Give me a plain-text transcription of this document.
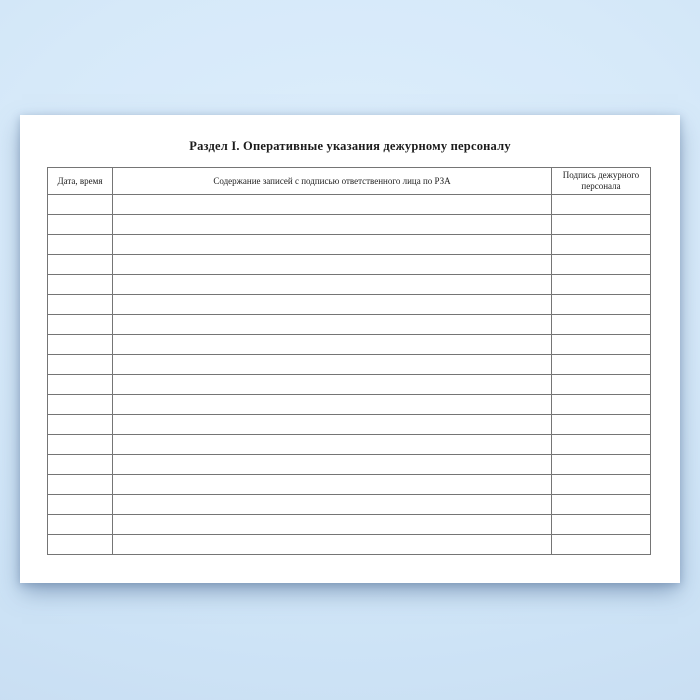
Раздел I. Оперативные указания дежурному персоналу
Дата, время	Содержание записей с подписью ответственного лица по РЗА	Подпись дежурного персонала
